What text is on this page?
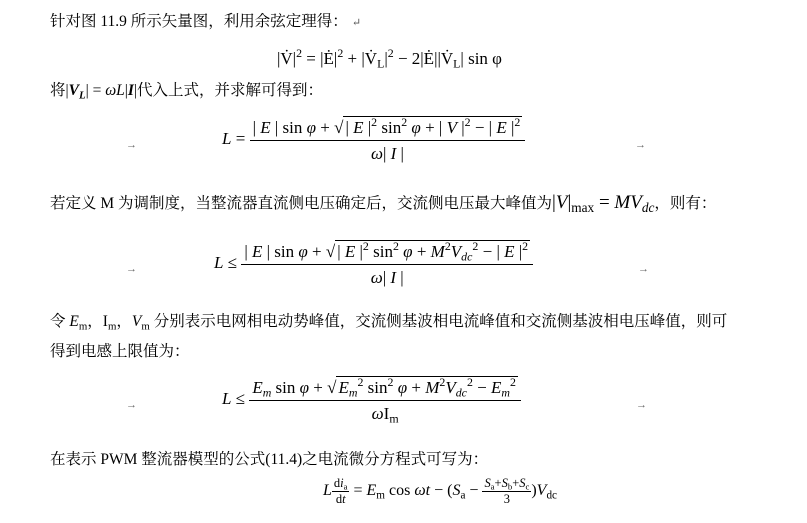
针对图 11.9 所示矢量图，利用余弦定理得： ↵
$|V̇|^2$ = $|Ė|^2$ + $|V̇_L|^2$ − $2|Ė||V̇_L|$ sin φ
将$|V_L| = \omega L|I|$代入上式，并求解可得到：
→	$L = \frac{| E | \sin \varphi + √ | E |^2 \sin^2 \varphi + | V |^2 - | E |^2}{\omega| I |}$	→
若定义 M 为调制度，当整流器直流侧电压确定后，交流侧电压最大峰值为$|V|_{max} = MV_{dc}$，则有：
→	$L \le \frac{| E | \sin \varphi + √ | E |^2 \sin^2 \varphi + M^2V_{dc}^2 - | E |^2}{\omega| I |}$	→
令 $E_m$，$I_m$，$V_m$ 分别表示电网相电动势峰值，交流侧基波相电流峰值和交流侧基波相电压峰值，则可
得到电感上限值为：
→	$L \le \frac{E_m \sin \varphi + √ E_m^2 \sin^2 \varphi + M^2V_{dc}^2 - E_m^2}{\omega I_m}$	→
在表示 PWM 整流器模型的公式(11.4)之电流微分方程式可写为：
L $\frac{di_a}{dt} = E_m$ $\cos \omega t - (S_a - \frac{S_a+S_b+S_c}{3} )V_{dc}$
